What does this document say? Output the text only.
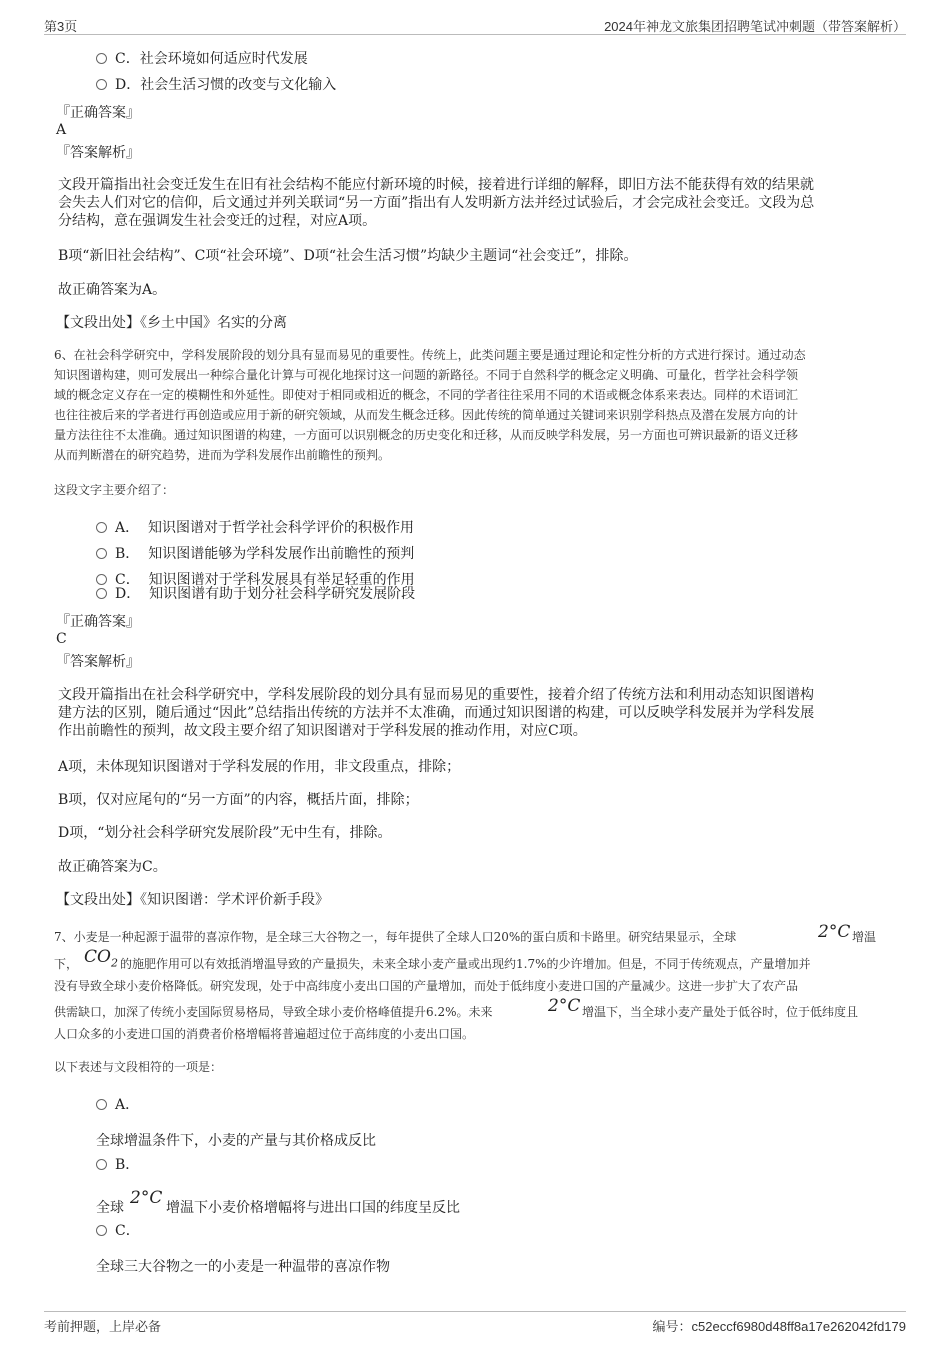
第3页	2024年神龙文旅集团招聘笔试冲刺题（带答案解析）
C．社会环境如何适应时代发展
D．社会生活习惯的改变与文化输入
『正确答案』
A
『答案解析』
文段开篇指出社会变迁发生在旧有社会结构不能应付新环境的时候，接着进行详细的解释，即旧方法不能获得有效的结果就
会失去人们对它的信仰，后文通过并列关联词“另一方面”指出有人发明新方法并经过试验后，才会完成社会变迁。文段为总
分结构，意在强调发生社会变迁的过程，对应A项。
B项“新旧社会结构”、C项“社会环境”、D项“社会生活习惯”均缺少主题词“社会变迁”，排除。
故正确答案为A。
【文段出处】《乡土中国》名实的分离
6、在社会科学研究中，学科发展阶段的划分具有显而易见的重要性。传统上，此类问题主要是通过理论和定性分析的方式进行探讨。通过动态
知识图谱构建，则可发展出一种综合量化计算与可视化地探讨这一问题的新路径。不同于自然科学的概念定义明确、可量化，哲学社会科学领
域的概念定义存在一定的模糊性和外延性。即使对于相同或相近的概念，不同的学者往往采用不同的术语或概念体系来表达。同样的术语词汇
也往往被后来的学者进行再创造或应用于新的研究领域，从而发生概念迁移。因此传统的简单通过关键词来识别学科热点及潜在发展方向的计
量方法往往不太准确。通过知识图谱的构建，一方面可以识别概念的历史变化和迁移，从而反映学科发展，另一方面也可辨识最新的语义迁移
从而判断潜在的研究趋势，进而为学科发展作出前瞻性的预判。
这段文字主要介绍了：
A． 知识图谱对于哲学社会科学评价的积极作用
B． 知识图谱能够为学科发展作出前瞻性的预判
C． 知识图谱对于学科发展具有举足轻重的作用
D． 知识图谱有助于划分社会科学研究发展阶段
『正确答案』
C
『答案解析』
文段开篇指出在社会科学研究中，学科发展阶段的划分具有显而易见的重要性，接着介绍了传统方法和利用动态知识图谱构
建方法的区别，随后通过“因此”总结指出传统的方法并不太准确，而通过知识图谱的构建，可以反映学科发展并为学科发展
作出前瞻性的预判，故文段主要介绍了知识图谱对于学科发展的推动作用，对应C项。
A项，未体现知识图谱对于学科发展的作用，非文段重点，排除；
B项，仅对应尾句的“另一方面”的内容，概括片面，排除；
D项，“划分社会科学研究发展阶段”无中生有，排除。
故正确答案为C。
【文段出处】《知识图谱：学术评价新手段》
7、小麦是一种起源于温带的喜凉作物，是全球三大谷物之一，每年提供了全球人口20%的蛋白质和卡路里。研究结果显示，全球	2°C 增温
下， $CO_2$ 的施肥作用可以有效抵消增温导致的产量损失，未来全球小麦产量或出现约1.7%的少许增加。但是，不同于传统观点，产量增加并
没有导致全球小麦价格降低。研究发现，处于中高纬度小麦出口国的产量增加，而处于低纬度小麦进口国的产量减少。这进一步扩大了农产品
供需缺口，加深了传统小麦国际贸易格局，导致全球小麦价格峰值提升6.2%。未来	2°C 增温下，当全球小麦产量处于低谷时，位于低纬度且
人口众多的小麦进口国的消费者价格增幅将普遍超过位于高纬度的小麦出口国。
以下表述与文段相符的一项是：
A．
全球增温条件下，小麦的产量与其价格成反比
B．
全球 2°C 增温下小麦价格增幅将与进出口国的纬度呈反比
C．
全球三大谷物之一的小麦是一种温带的喜凉作物
考前押题，上岸必备	编号：c52eccf6980d48ff8a17e262042fd179
